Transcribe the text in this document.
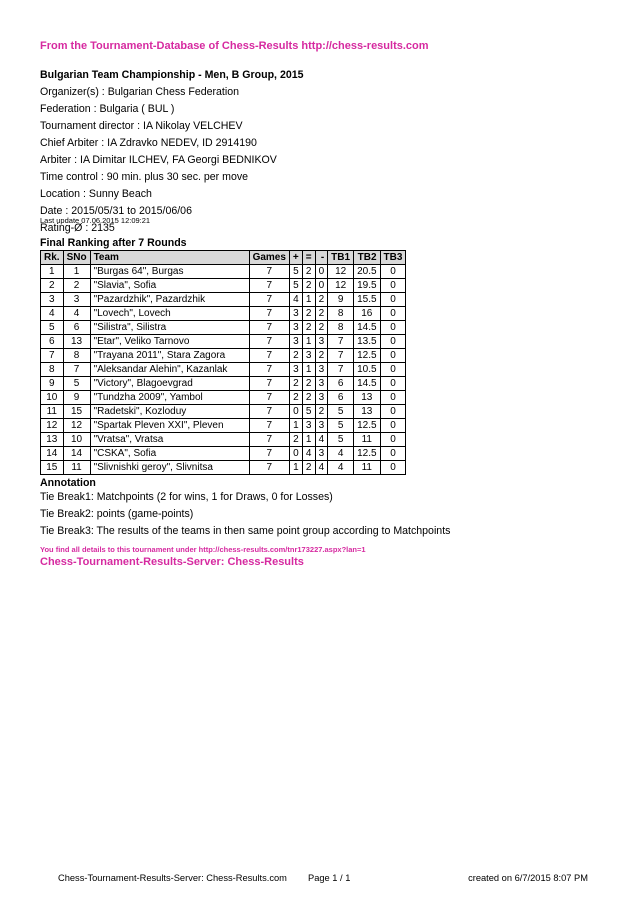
From the Tournament-Database of Chess-Results http://chess-results.com
Bulgarian Team Championship - Men, B Group, 2015
Organizer(s) : Bulgarian Chess Federation
Federation : Bulgaria ( BUL )
Tournament director : IA Nikolay VELCHEV
Chief Arbiter : IA Zdravko NEDEV, ID 2914190
Arbiter : IA Dimitar ILCHEV, FA Georgi BEDNIKOV
Time control : 90 min. plus 30 sec. per move
Location : Sunny Beach
Date : 2015/05/31 to 2015/06/06
Rating-Ø : 2135
Last update 07.06.2015 12:09:21
Final Ranking after 7 Rounds
Rk.	SNo	Team	Games	+	=	-	TB1	TB2	TB3
1	1	"Burgas 64", Burgas	7	5	2	0	12	20.5	0
2	2	"Slavia", Sofia	7	5	2	0	12	19.5	0
3	3	"Pazardzhik", Pazardzhik	7	4	1	2	9	15.5	0
4	4	"Lovech", Lovech	7	3	2	2	8	16	0
5	6	"Silistra", Silistra	7	3	2	2	8	14.5	0
6	13	"Etar", Veliko Tarnovo	7	3	1	3	7	13.5	0
7	8	"Trayana 2011", Stara Zagora	7	2	3	2	7	12.5	0
8	7	"Aleksandar Alehin", Kazanlak	7	3	1	3	7	10.5	0
9	5	"Victory", Blagoevgrad	7	2	2	3	6	14.5	0
10	9	"Tundzha 2009", Yambol	7	2	2	3	6	13	0
11	15	"Radetski", Kozloduy	7	0	5	2	5	13	0
12	12	"Spartak Pleven XXI", Pleven	7	1	3	3	5	12.5	0
13	10	"Vratsa", Vratsa	7	2	1	4	5	11	0
14	14	"CSKA", Sofia	7	0	4	3	4	12.5	0
15	11	"Slivnishki geroy", Slivnitsa	7	1	2	4	4	11	0
Annotation
Tie Break1: Matchpoints (2 for wins, 1 for Draws, 0 for Losses)
Tie Break2: points (game-points)
Tie Break3: The results of the teams in then same point group according to Matchpoints
You find all details to this tournament under http://chess-results.com/tnr173227.aspx?lan=1
Chess-Tournament-Results-Server: Chess-Results
Chess-Tournament-Results-Server: Chess-Results.com Page 1 / 1	created on 6/7/2015 8:07 PM
